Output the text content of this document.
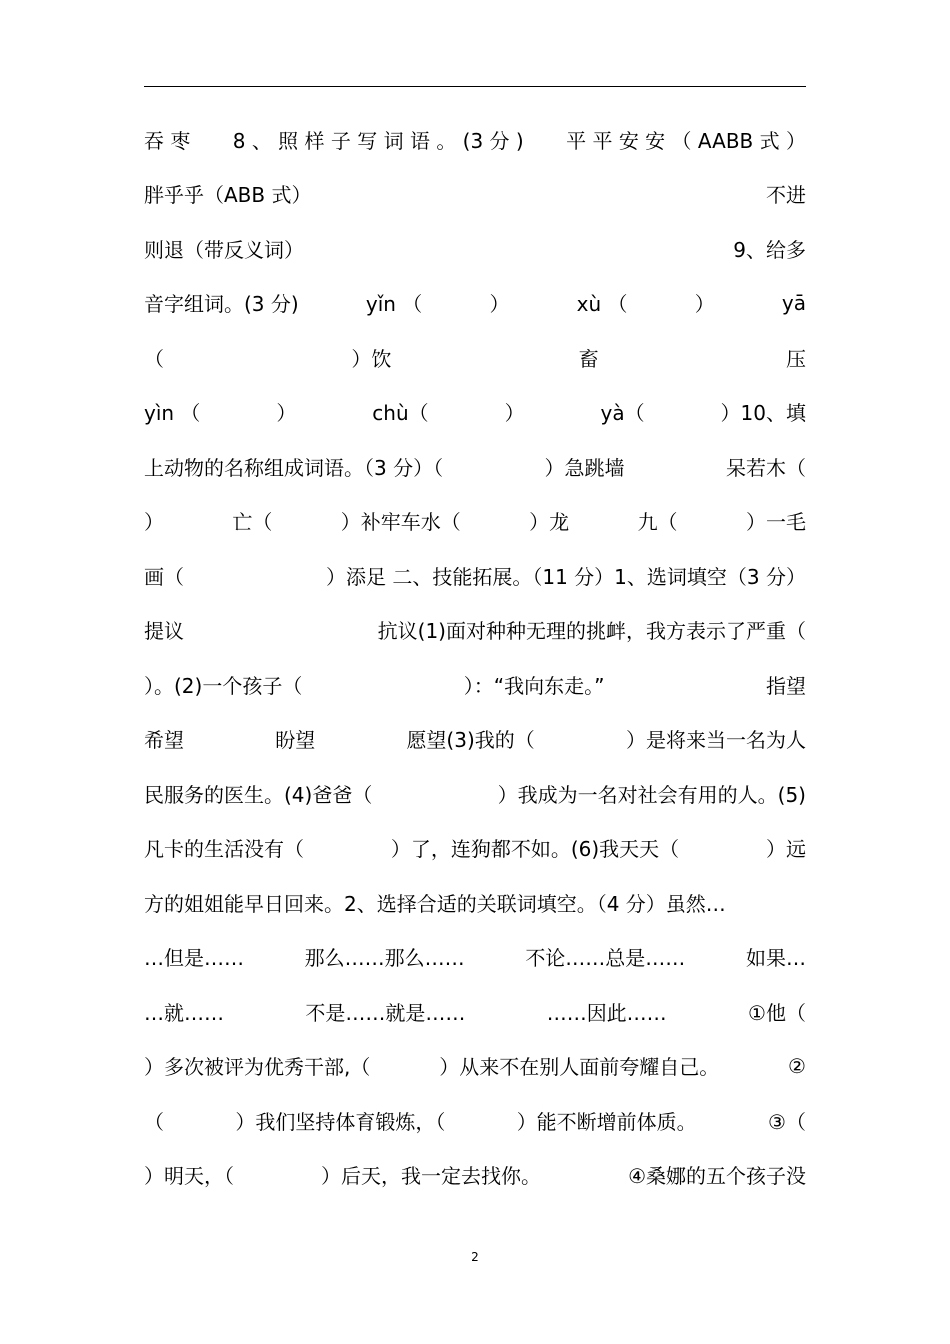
吞 枣 8 、 照 样 子 写 词 语 。 (3 分 ) 平 平 安 安 （ AABB 式 ）
胖乎乎（ABB 式）	不进
则退（带反义词）	9、给多
音字组词。(3 分)	yǐn （	）	xù （	）	yā
（	）饮	畜	压
yìn （	）	chù（	）	yà（	）10、填
上动物的名称组成词语。（3 分）（	）急跳墙	呆若木（
）	亡（	）补牢车水（	）龙	九（	）一毛
画（	）添足 二、技能拓展。（11 分）1、选词填空（3 分）
提议	抗议(1)面对种种无理的挑衅，我方表示了严重（
）。(2)一个孩子（	）：“我向东走。”	指望
希望	盼望	愿望(3)我的（	）是将来当一名为人
民服务的医生。(4)爸爸（	）我成为一名对社会有用的人。(5)
凡卡的生活没有（	）了，连狗都不如。(6)我天天（	）远
方的姐姐能早日回来。2、选择合适的关联词填空。（4 分）虽然…
…但是……	那么……那么……	不论……总是……	如果…
…就……	不是……就是……	……因此……	①他（
）多次被评为优秀干部,（	）从来不在别人面前夸耀自己。	②
（	）我们坚持体育锻炼，（	）能不断增前体质。	③（
）明天，（	）后天，我一定去找你。	④桑娜的五个孩子没
2
